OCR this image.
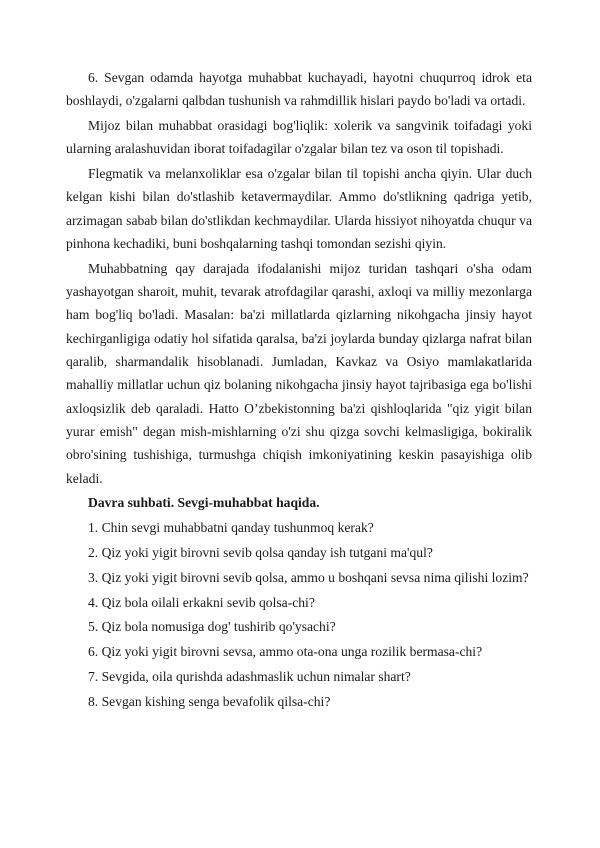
6. Sevgan odamda hayotga muhabbat kuchayadi, hayotni chuqurroq idrok eta boshlaydi, o'zgalarni qalbdan tushunish va rahmdillik hislari paydo bo'ladi va ortadi.

Mijoz bilan muhabbat orasidagi bog'liqlik: xolerik va sangvinik toifadagi yoki ularning aralashuvidan iborat toifadagilar o'zgalar bilan tez va oson til topishadi.

Flegmatik va melanxoliklar esa o'zgalar bilan til topishi ancha qiyin. Ular duch kelgan kishi bilan do'stlashib ketavermaydilar. Ammo do'stlikning qadriga yetib, arzimagan sabab bilan do'stlikdan kechmaydilar. Ularda hissiyot nihoyatda chuqur va pinhona kechadiki, buni boshqalarning tashqi tomondan sezishi qiyin.

Muhabbatning qay darajada ifodalanishi mijoz turidan tashqari o'sha odam yashayotgan sharoit, muhit, tevarak atrofdagilar qarashi, axloqi va milliy mezonlarga ham bog'liq bo'ladi. Masalan: ba'zi millatlarda qizlarning nikohgacha jinsiy hayot kechirganligiga odatiy hol sifatida qaralsa, ba'zi joylarda bunday qizlarga nafrat bilan qaralib, sharmandalik hisoblanadi. Jumladan, Kavkaz va Osiyo mamlakatlarida mahalliy millatlar uchun qiz bolaning nikohgacha jinsiy hayot tajribasiga ega bo'lishi axloqsizlik deb qaraladi. Hatto O’zbekistonning ba'zi qishloqlarida "qiz yigit bilan yurar emish" degan mish-mishlarning o'zi shu qizga sovchi kelmasligiga, bokiralik obro'sining tushishiga, turmushga chiqish imkoniyatining keskin pasayishiga olib keladi.

Davra suhbati. Sevgi-muhabbat haqida.

1. Chin sevgi muhabbatni qanday tushunmoq kerak?

2. Qiz yoki yigit birovni sevib qolsa qanday ish tutgani ma'qul?

3. Qiz yoki yigit birovni sevib qolsa, ammo u boshqani sevsa nima qilishi lozim?

4. Qiz bola oilali erkakni sevib qolsa-chi?

5. Qiz bola nomusiga dog' tushirib qo'ysachi?

6. Qiz yoki yigit birovni sevsa, ammo ota-ona unga rozilik bermasa-chi?

7. Sevgida, oila qurishda adashmaslik uchun nimalar shart?

8. Sevgan kishing senga bevafolik qilsa-chi?
